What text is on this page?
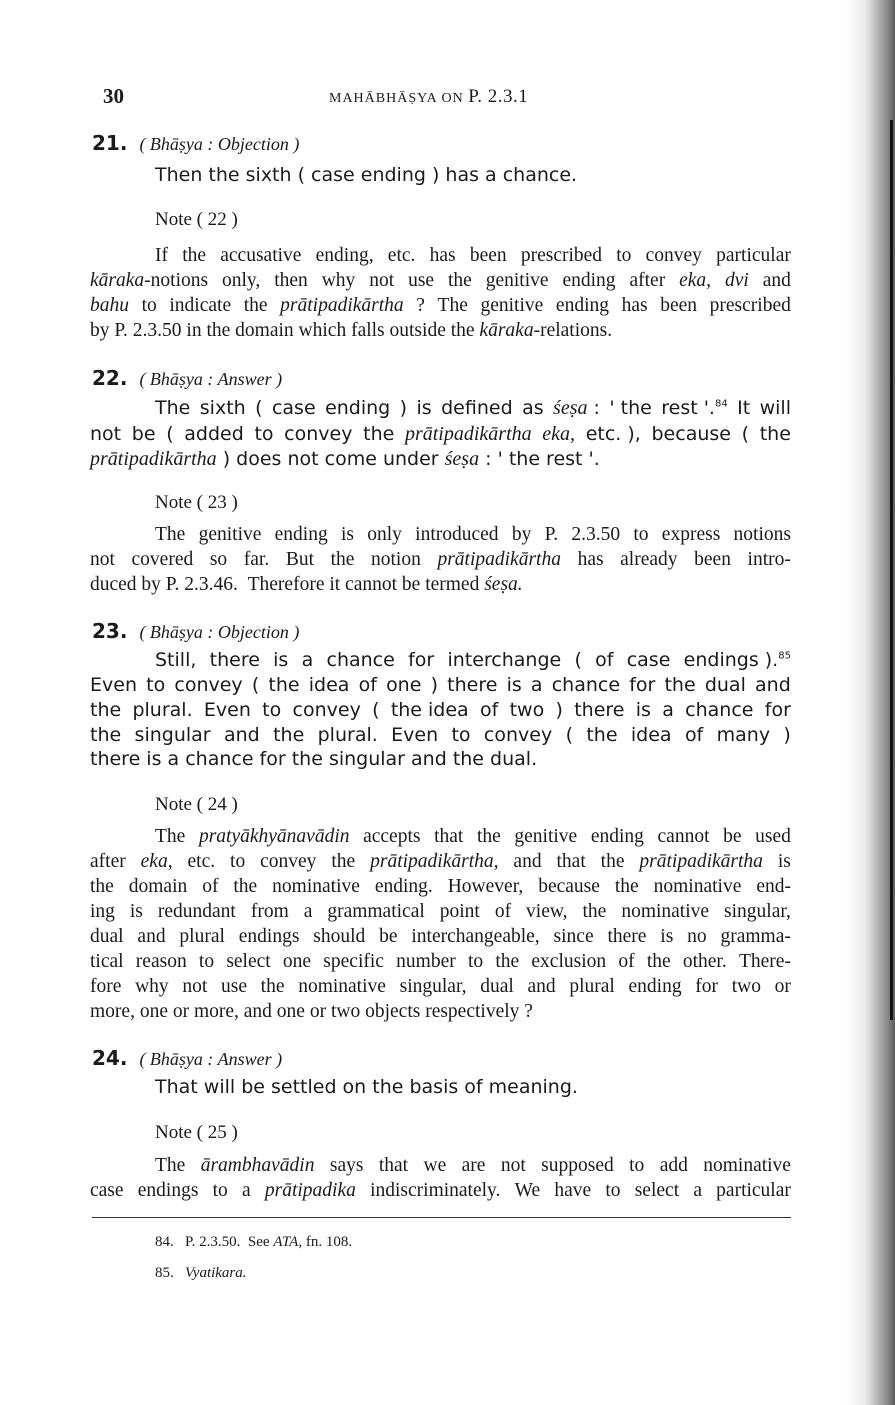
30	MAHĀBHĀṢYA ON P. 2.3.1
21. ( Bhāṣya : Objection )
Then the sixth ( case ending ) has a chance.
Note ( 22 )
If the accusative ending, etc. has been prescribed to convey particular
kāraka-notions only, then why not use the genitive ending after eka, dvi and
bahu to indicate the prātipadikārtha ? The genitive ending has been prescribed
by P. 2.3.50 in the domain which falls outside the kāraka-relations.
22. ( Bhāṣya : Answer )
The sixth ( case ending ) is defined as śeṣa : ' the rest '.$^{84}$ It will
not be ( added to convey the prātipadikārtha eka, etc. ), because ( the
prātipadikārtha ) does not come under śeṣa : ' the rest '.
Note ( 23 )
The genitive ending is only introduced by P. 2.3.50 to express notions
not covered so far. But the notion prātipadikārtha has already been intro-
duced by P. 2.3.46.  Therefore it cannot be termed śeṣa.
23. ( Bhāṣya : Objection )
Still, there is a chance for interchange ( of case endings ).$^{85}$
Even to convey ( the idea of one ) there is a chance for the dual and
the plural. Even to convey ( the idea of two ) there is a chance for
the singular and the plural. Even to convey ( the idea of many )
there is a chance for the singular and the dual.
Note ( 24 )
The pratyākhyānavādin accepts that the genitive ending cannot be used
after eka, etc. to convey the prātipadikārtha, and that the prātipadikārtha is
the domain of the nominative ending. However, because the nominative end-
ing is redundant from a grammatical point of view, the nominative singular,
dual and plural endings should be interchangeable, since there is no gramma-
tical reason to select one specific number to the exclusion of the other. There-
fore why not use the nominative singular, dual and plural ending for two or
more, one or more, and one or two objects respectively ?
24. ( Bhāṣya : Answer )
That will be settled on the basis of meaning.
Note ( 25 )
The ārambhavādin says that we are not supposed to add nominative
case endings to a prātipadika indiscriminately. We have to select a particular
84.   P. 2.3.50.  See ATA, fn. 108.
85. Vyatikara.
